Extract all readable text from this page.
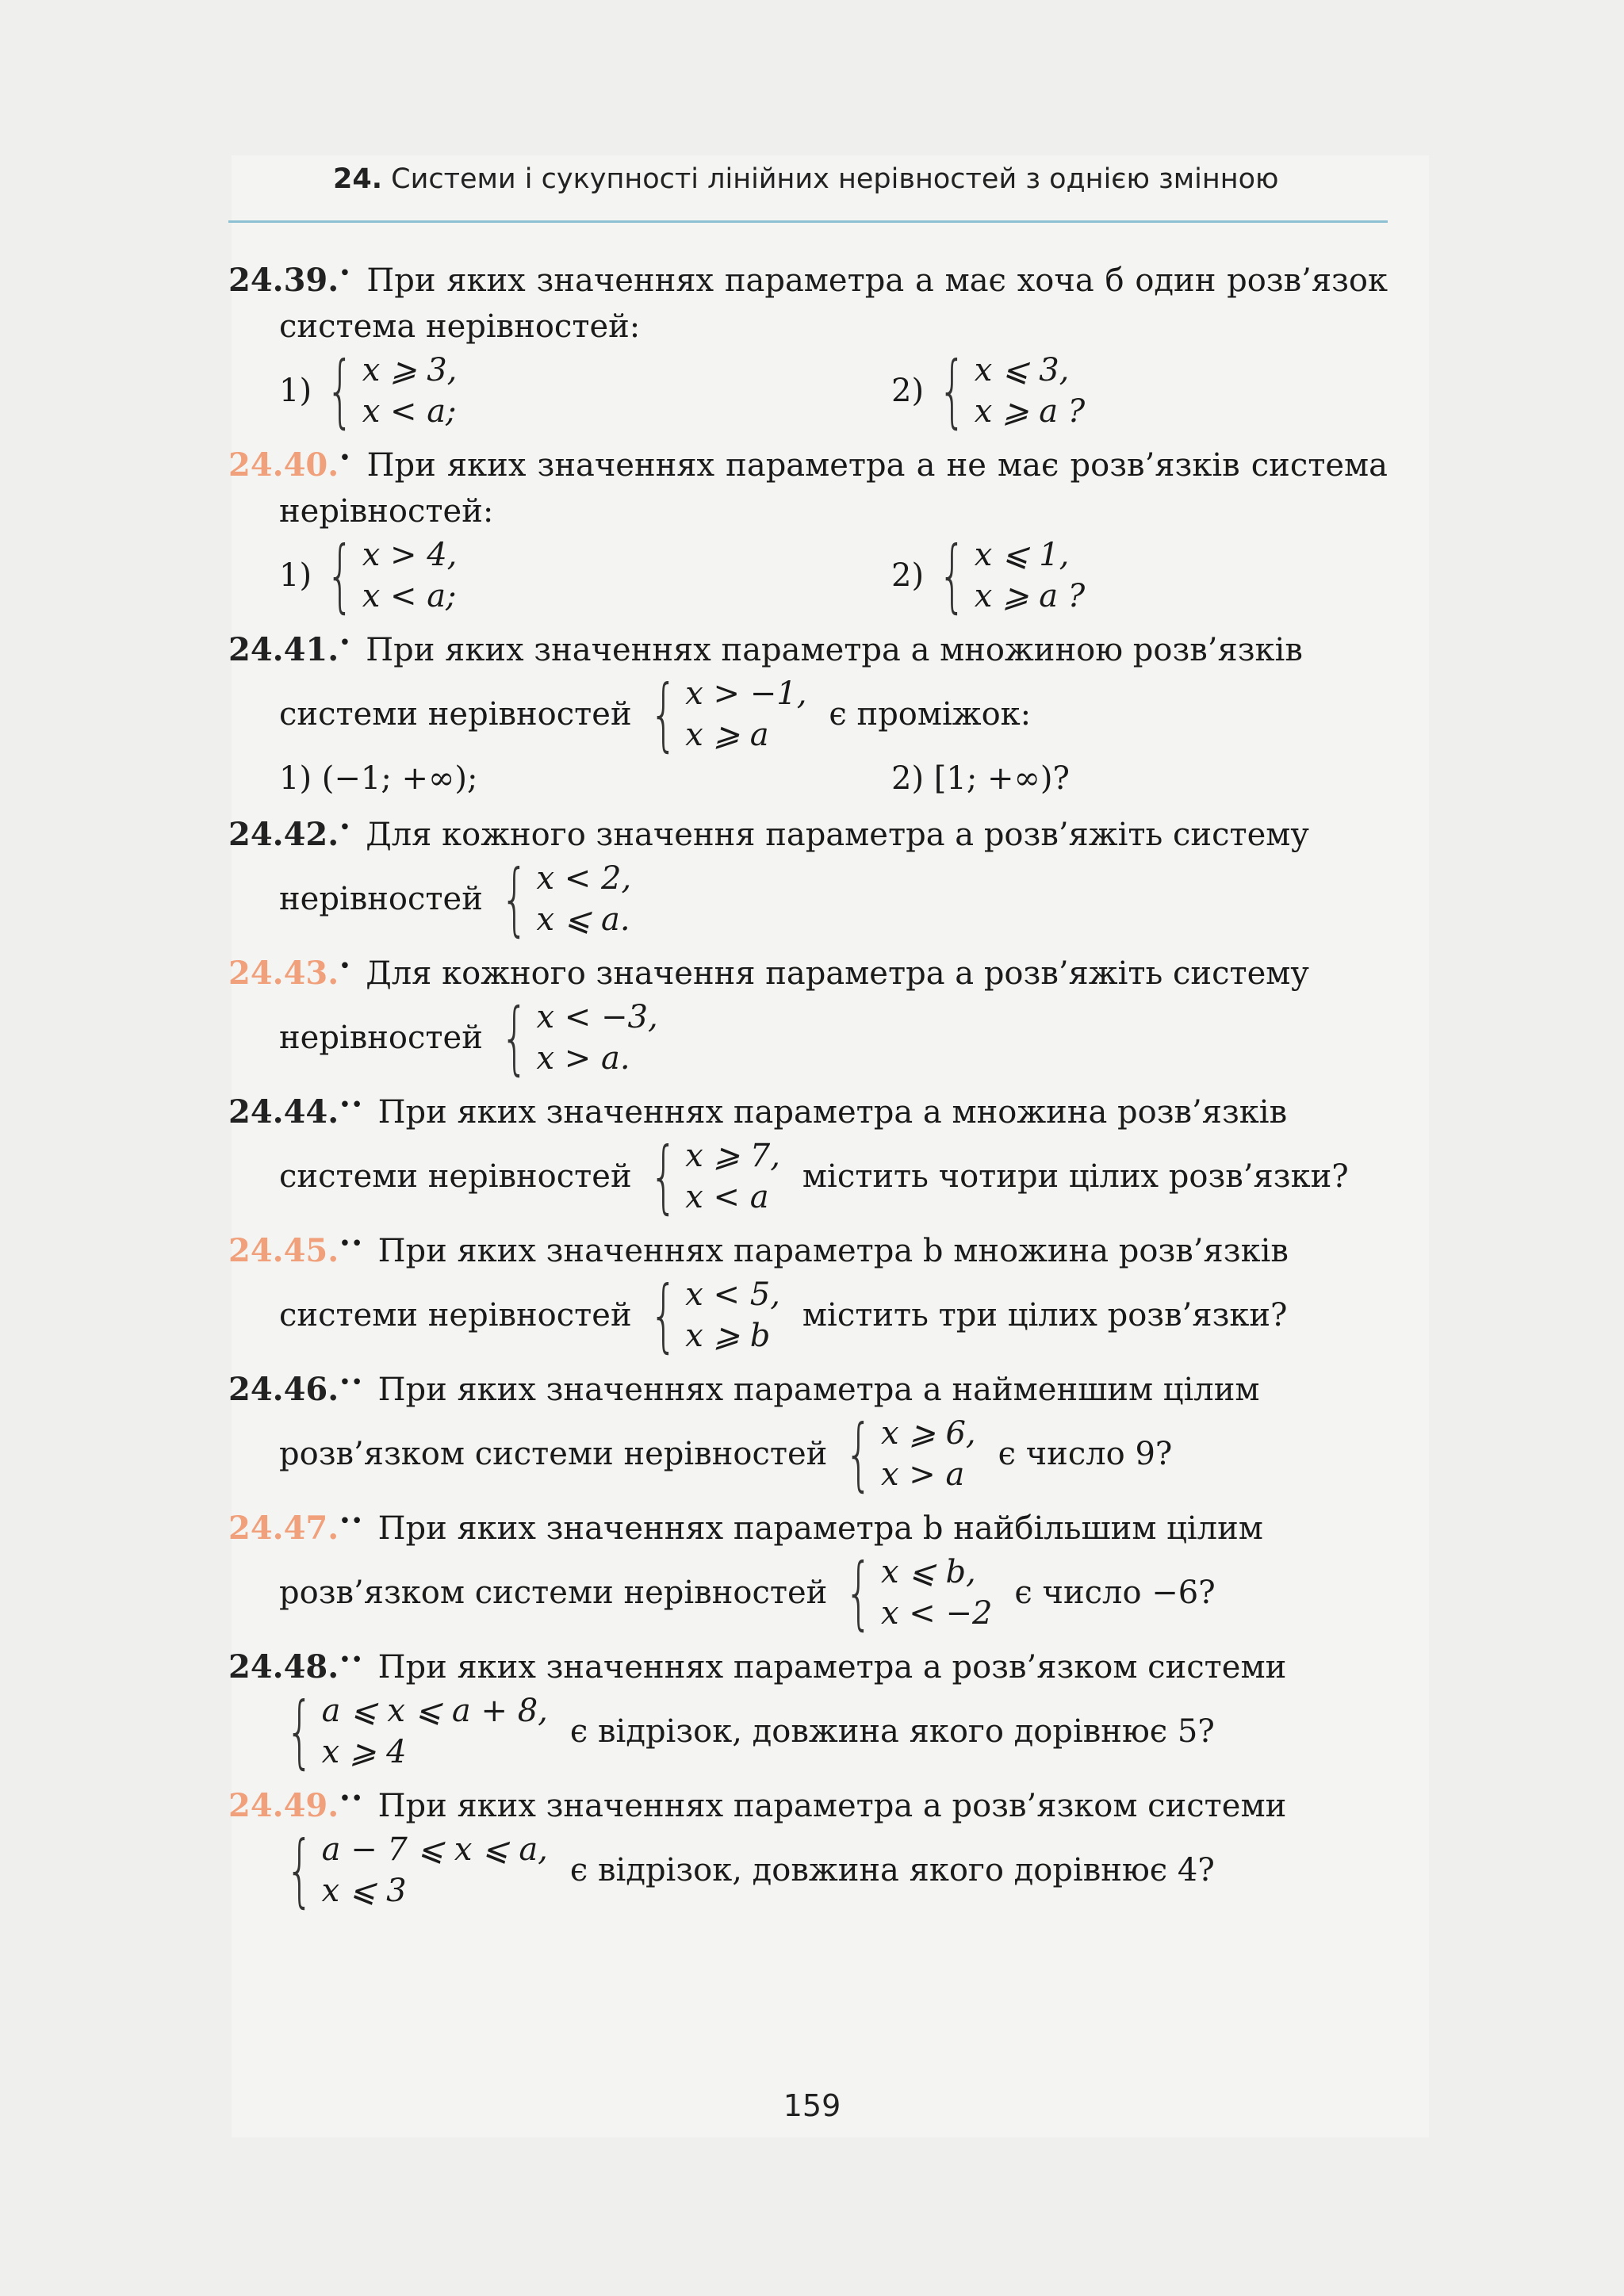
24. Системи і сукупності лінійних нерівностей з однією змінною
24.39.• При яких значеннях параметра a має хоча б один розв’язок система нерівностей:
1) { x ⩾ 3,
x < a;
2) { x ⩽ 3,
x ⩾ a ?
24.40.• При яких значеннях параметра a не має розв’язків система нерівностей:
1) { x > 4,
x < a;
2) { x ⩽ 1,
x ⩾ a ?
24.41.• При яких значеннях параметра a множиною розв’язків
системи нерівностей { x > −1,
x ⩾ a
є проміжок:
1) (−1; +∞);	2) [1; +∞)?
24.42.• Для кожного значення параметра a розв’яжіть систему
нерівностей { x < 2,
x ⩽ a.
24.43.• Для кожного значення параметра a розв’яжіть систему
нерівностей { x < −3,
x > a.
24.44.•• При яких значеннях параметра a множина розв’язків
системи нерівностей { x ⩾ 7,
x < a
містить чотири цілих розв’язки?
24.45.•• При яких значеннях параметра b множина розв’язків
системи нерівностей { x < 5,
x ⩾ b
містить три цілих розв’язки?
24.46.•• При яких значеннях параметра a найменшим цілим
розв’язком системи нерівностей { x ⩾ 6,
x > a
є число 9?
24.47.•• При яких значеннях параметра b найбільшим цілим
розв’язком системи нерівностей { x ⩽ b,
x < −2
є число −6?
24.48.•• При яких значеннях параметра a розв’язком системи
{ a ⩽ x ⩽ a + 8,
x ⩾ 4
є відрізок, довжина якого дорівнює 5?
24.49.•• При яких значеннях параметра a розв’язком системи
{ a − 7 ⩽ x ⩽ a,
x ⩽ 3
є відрізок, довжина якого дорівнює 4?
159
